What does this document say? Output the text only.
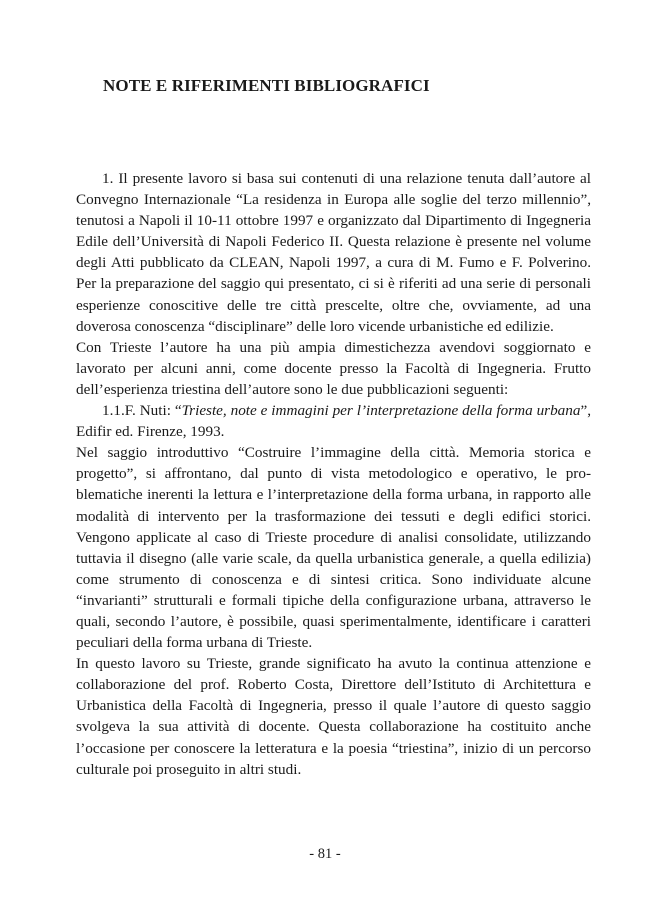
NOTE E RIFERIMENTI BIBLIOGRAFICI

1. Il presente lavoro si basa sui contenuti di una relazione tenuta dall’autore al Convegno Internazionale “La residenza in Europa alle soglie del terzo millennio”, tenutosi a Napoli il 10-11 ottobre 1997 e organizzato dal Dipartimento di Ingegneria Edile dell’Università di Napoli Federico II. Questa relazione è presente nel volume degli Atti pubblicato da CLEAN, Napoli 1997, a cura di M. Fumo e F. Polverino. Per la preparazione del saggio qui presentato, ci si è riferiti ad una serie di personali esperienze conoscitive delle tre città prescelte, oltre che, ovviamente, ad una doverosa conoscenza “disciplinare” delle loro vicende urbanistiche ed edilizie.

Con Trieste l’autore ha una più ampia dimestichezza avendovi soggiornato e lavorato per alcuni anni, come docente presso la Facoltà di Ingegneria. Frutto dell’esperienza triestina dell’autore sono le due pubblicazioni seguenti:

1.1.F. Nuti: “Trieste, note e immagini per l’interpretazione della forma urbana”, Edifir ed. Firenze, 1993.

Nel saggio introduttivo “Costruire l’immagine della città. Memoria storica e progetto”, si affrontano, dal punto di vista metodologico e operativo, le problematiche inerenti la lettura e l’interpretazione della forma urbana, in rapporto alle modalità di intervento per la trasformazione dei tessuti e degli edifici storici. Vengono applicate al caso di Trieste procedure di analisi consolidate, utilizzando tuttavia il disegno (alle varie scale, da quella urbanistica generale, a quella edilizia) come strumento di conoscenza e di sintesi critica. Sono individuate alcune “invarianti” strutturali e formali tipiche della configurazione urbana, attraverso le quali, secondo l’autore, è possibile, quasi sperimentalmente, identificare i caratteri peculiari della forma urbana di Trieste.

In questo lavoro su Trieste, grande significato ha avuto la continua attenzione e collaborazione del prof. Roberto Costa, Direttore dell’Istituto di Architettura e Urbanistica della Facoltà di Ingegneria, presso il quale l’autore di questo saggio svolgeva la sua attività di docente. Questa collaborazione ha costituito anche l’occasione per conoscere la letteratura e la poesia “triestina”, inizio di un percorso culturale poi proseguito in altri studi.

- 81 -
